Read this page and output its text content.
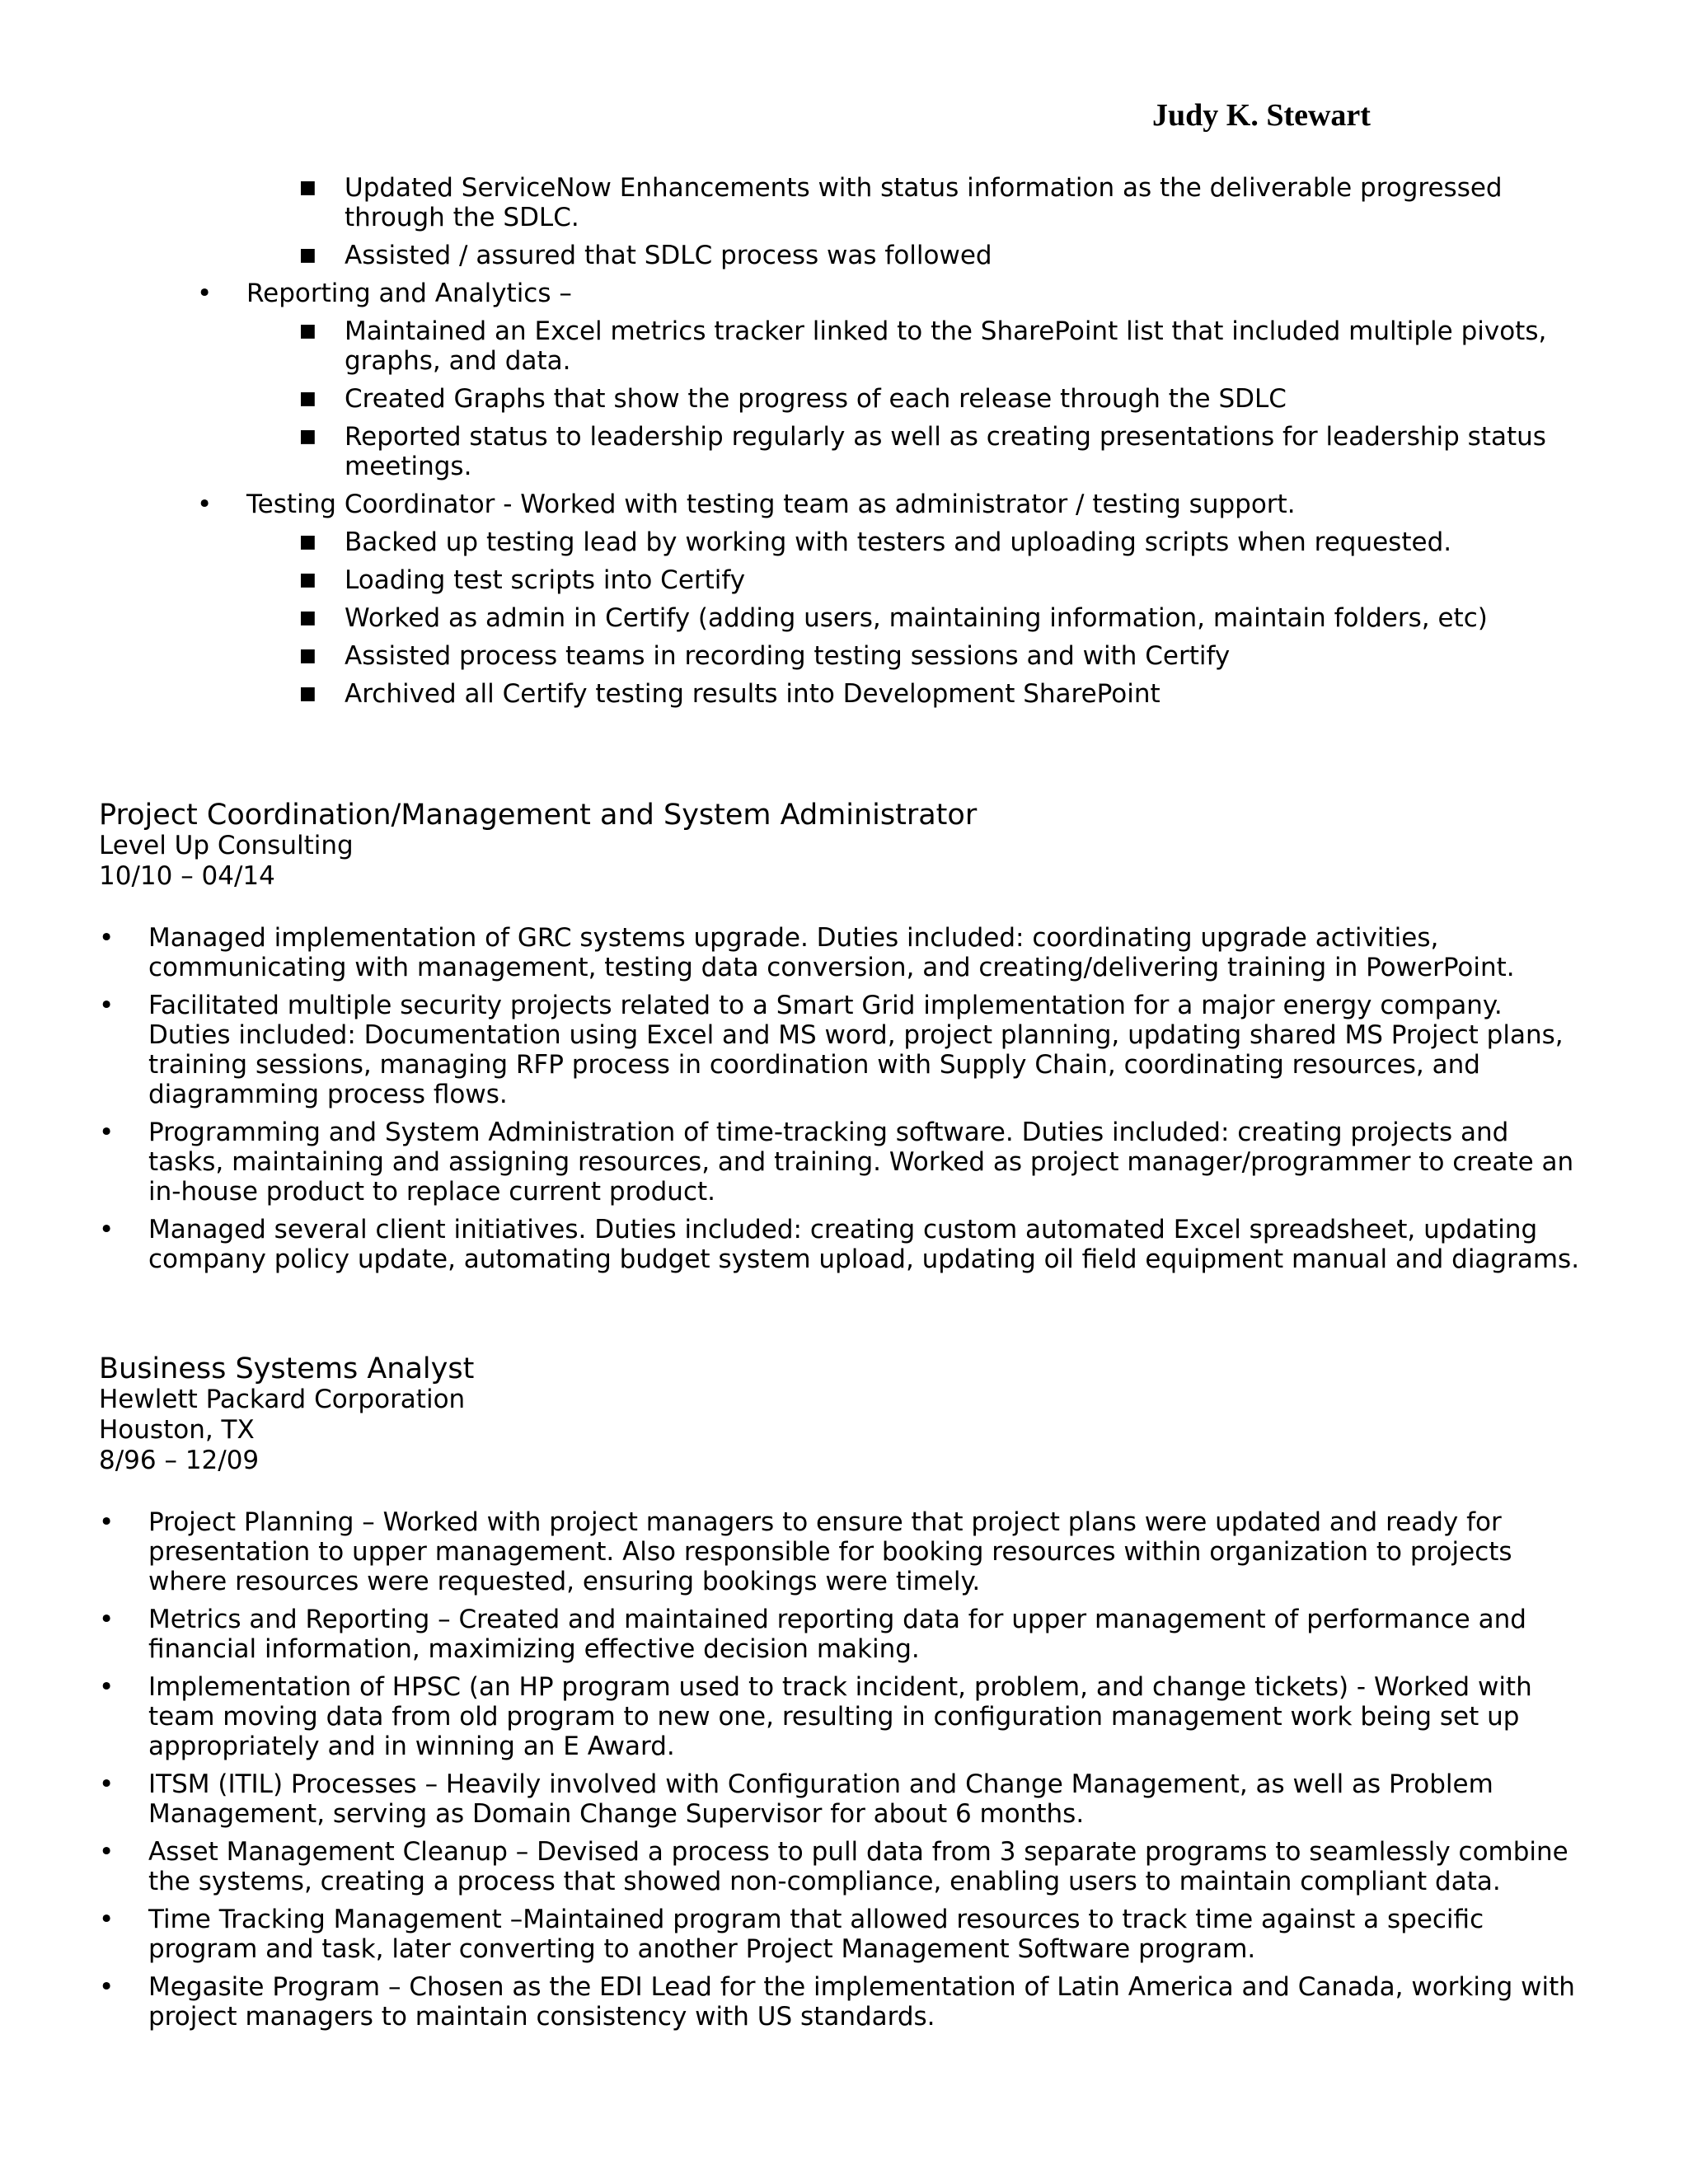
Judy K. Stewart
■ Updated ServiceNow Enhancements with status information as the deliverable progressed through the SDLC.
■ Assisted / assured that SDLC process was followed
• Reporting and Analytics –
■ Maintained an Excel metrics tracker linked to the SharePoint list that included multiple pivots, graphs, and data.
■ Created Graphs that show the progress of each release through the SDLC
■ Reported status to leadership regularly as well as creating presentations for leadership status meetings.
• Testing Coordinator - Worked with testing team as administrator / testing support.
■ Backed up testing lead by working with testers and uploading scripts when requested.
■ Loading test scripts into Certify
■ Worked as admin in Certify (adding users, maintaining information, maintain folders, etc)
■ Assisted process teams in recording testing sessions and with Certify
■ Archived all Certify testing results into Development SharePoint
Project Coordination/Management and System Administrator
Level Up Consulting
10/10 – 04/14
• Managed implementation of GRC systems upgrade. Duties included: coordinating upgrade activities, communicating with management, testing data conversion, and creating/delivering training in PowerPoint.
• Facilitated multiple security projects related to a Smart Grid implementation for a major energy company. Duties included: Documentation using Excel and MS word, project planning, updating shared MS Project plans, training sessions, managing RFP process in coordination with Supply Chain, coordinating resources, and diagramming process flows.
• Programming and System Administration of time-tracking software. Duties included: creating projects and tasks, maintaining and assigning resources, and training. Worked as project manager/programmer to create an in-house product to replace current product.
• Managed several client initiatives. Duties included: creating custom automated Excel spreadsheet, updating company policy update, automating budget system upload, updating oil field equipment manual and diagrams.
Business Systems Analyst
Hewlett Packard Corporation
Houston, TX
8/96 – 12/09
• Project Planning – Worked with project managers to ensure that project plans were updated and ready for presentation to upper management. Also responsible for booking resources within organization to projects where resources were requested, ensuring bookings were timely.
• Metrics and Reporting – Created and maintained reporting data for upper management of performance and financial information, maximizing effective decision making.
• Implementation of HPSC (an HP program used to track incident, problem, and change tickets) - Worked with team moving data from old program to new one, resulting in configuration management work being set up appropriately and in winning an E Award.
• ITSM (ITIL) Processes – Heavily involved with Configuration and Change Management, as well as Problem Management, serving as Domain Change Supervisor for about 6 months.
• Asset Management Cleanup – Devised a process to pull data from 3 separate programs to seamlessly combine the systems, creating a process that showed non-compliance, enabling users to maintain compliant data.
• Time Tracking Management –Maintained program that allowed resources to track time against a specific program and task, later converting to another Project Management Software program.
• Megasite Program – Chosen as the EDI Lead for the implementation of Latin America and Canada, working with project managers to maintain consistency with US standards.
